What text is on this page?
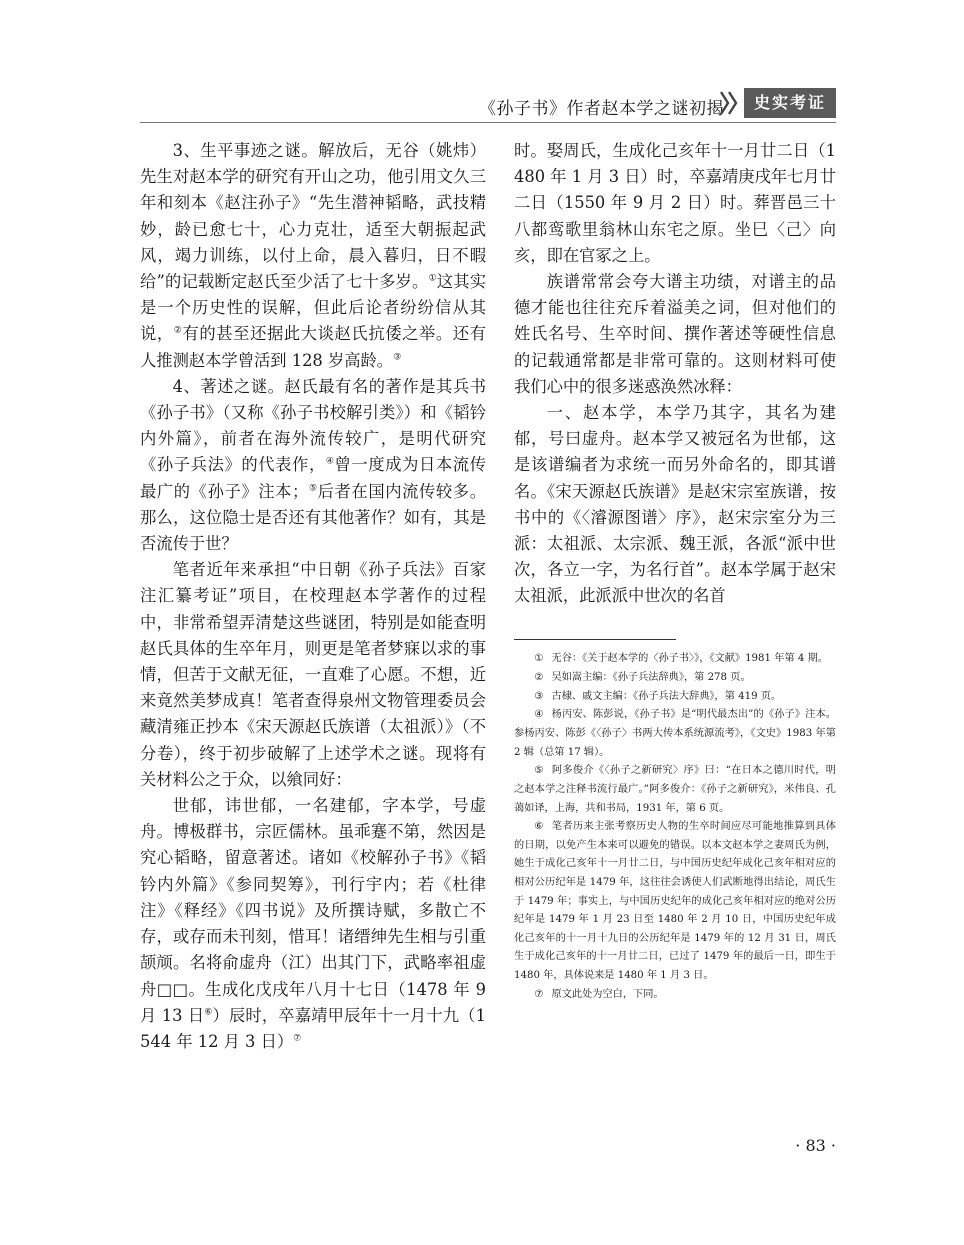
《孙子书》作者赵本学之谜初揭	史实考证

3、生平事迹之谜。解放后，无谷（姚炜）先生对赵本学的研究有开山之功，他引用文久三年和刻本《赵注孙子》“先生潜神韬略，武技精妙，龄已愈七十，心力克壮，适至大朝振起武风，竭力训练，以付上命，晨入暮归，日不暇给”的记载断定赵氏至少活了七十多岁。①这其实是一个历史性的误解，但此后论者纷纷信从其说，②有的甚至还据此大谈赵氏抗倭之举。还有人推测赵本学曾活到 128 岁高龄。③

4、著述之谜。赵氏最有名的著作是其兵书《孙子书》（又称《孙子书校解引类》）和《韬钤内外篇》，前者在海外流传较广，是明代研究《孙子兵法》的代表作，④曾一度成为日本流传最广的《孙子》注本；⑤后者在国内流传较多。那么，这位隐士是否还有其他著作？如有，其是否流传于世？

笔者近年来承担“中日朝《孙子兵法》百家注汇纂考证”项目，在校理赵本学著作的过程中，非常希望弄清楚这些谜团，特别是如能查明赵氏具体的生卒年月，则更是笔者梦寐以求的事情，但苦于文献无征，一直难了心愿。不想，近来竟然美梦成真！笔者查得泉州文物管理委员会藏清雍正抄本《宋天源赵氏族谱（太祖派）》（不分卷），终于初步破解了上述学术之谜。现将有关材料公之于众，以飨同好：

世郁，讳世郁，一名建郁，字本学，号虚舟。博极群书，宗匠儒林。虽乖蹇不第，然因是究心韬略，留意著述。诸如《校解孙子书》《韬钤内外篇》《参同契筹》，刊行宇内；若《杜律注》《释经》《四书说》及所撰诗赋，多散亡不存，或存而未刊刻，惜耳！诸缙绅先生相与引重颉颃。名将俞虚舟（江）出其门下，武略率祖虚舟□□。生成化戊戌年八月十七日（1478 年 9 月 13 日⑥）辰时，卒嘉靖甲辰年十一月十九（1544 年 12 月 3 日）⑦

时。娶周氏，生成化己亥年十一月廿二日（1480 年 1 月 3 日）时，卒嘉靖庚戌年七月廿二日（1550 年 9 月 2 日）时。葬晋邑三十八都鸾歌里翁林山东宅之原。坐巳〈己〉向亥，即在官冢之上。

族谱常常会夸大谱主功绩，对谱主的品德才能也往往充斥着溢美之词，但对他们的姓氏名号、生卒时间、撰作著述等硬性信息的记载通常都是非常可靠的。这则材料可使我们心中的很多迷惑涣然冰释：

一、赵本学，本学乃其字，其名为建郁，号曰虚舟。赵本学又被冠名为世郁，这是该谱编者为求统一而另外命名的，即其谱名。《宋天源赵氏族谱》是赵宋宗室族谱，按书中的《〈濬源图谱〉序》，赵宋宗室分为三派：太祖派、太宗派、魏王派，各派“派中世次，各立一字，为名行首”。赵本学属于赵宋太祖派，此派派中世次的名首

① 无谷：《关于赵本学的〈孙子书〉》，《文献》1981 年第 4 期。

② 吴如嵩主编：《孙子兵法辞典》，第 278 页。

③ 古棣、戚文主编：《孙子兵法大辞典》，第 419 页。

④ 杨丙安、陈彭说，《孙子书》是“明代最杰出”的《孙子》注本。参杨丙安、陈彭《〈孙子〉书两大传本系统源流考》，《文史》1983 年第 2 辑（总第 17 辑）。

⑤ 阿多俊介《〈孙子之新研究〉序》曰：“在日本之德川时代，明之赵本学之注释书流行最广。”阿多俊介：《孙子之新研究》，米伟良、孔蔼如译，上海，共和书局，1931 年，第 6 页。

⑥ 笔者历来主张考察历史人物的生卒时间应尽可能地推算到具体的日期，以免产生本来可以避免的错误。以本文赵本学之妻周氏为例，她生于成化己亥年十一月廿二日，与中国历史纪年成化己亥年相对应的相对公历纪年是 1479 年，这往往会诱使人们武断地得出结论，周氏生于 1479 年；事实上，与中国历史纪年的成化己亥年相对应的绝对公历纪年是 1479 年 1 月 23 日至 1480 年 2 月 10 日，中国历史纪年成化己亥年的十一月十九日的公历纪年是 1479 年的 12 月 31 日，周氏生于成化己亥年的十一月廿二日，已过了 1479 年的最后一日，即生于 1480 年，具体说来是 1480 年 1 月 3 日。

⑦ 原文此处为空白，下同。

· 83 ·
